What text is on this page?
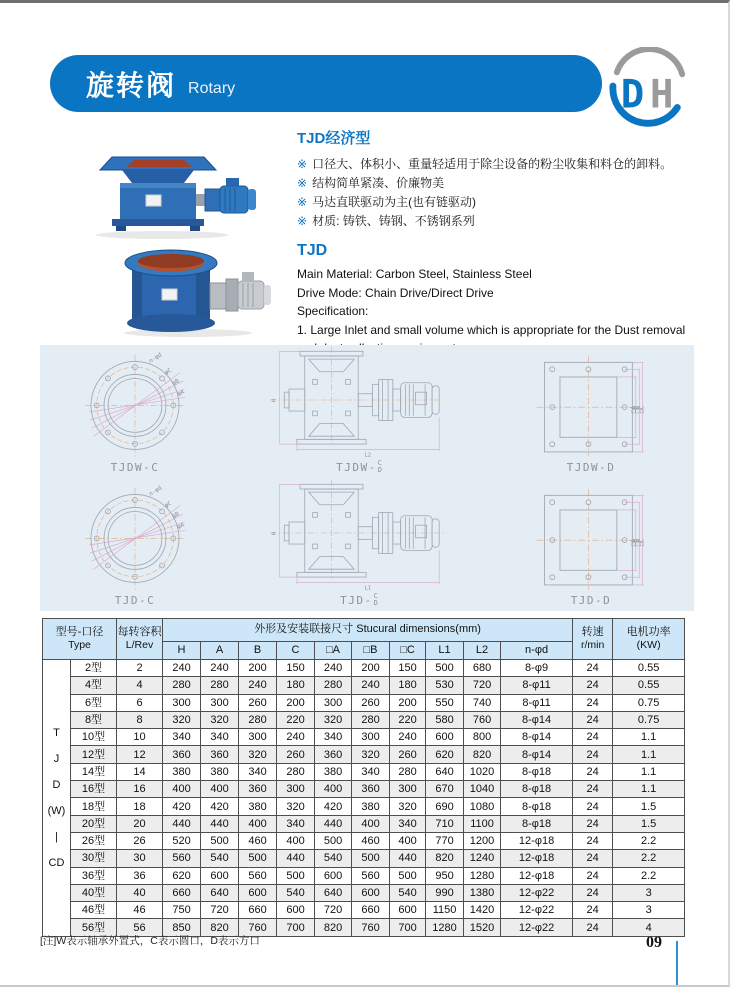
旋转阀 Rotary	D H

TJD经济型

※ 口径大、体积小、重量轻适用于除尘设备的粉尘收集和料仓的卸料。
※ 结构简单紧凑、价廉物美
※ 马达直联驱动为主(也有链驱动)
※ 材质: 铸铁、铸钢、不锈钢系列

TJD

Main Material: Carbon Steel, Stainless Steel
Drive Mode: Chain Drive/Direct Drive
Specification:
1. Large Inlet and small volume which is appropriate for the Dust removal
TJDW-C
L2
TJDW- C
D	TJDW-D
TJD-C
L1
TJD- C
D	TJD-D
型号-口径
Type

每转容积
L/Rev
	外形及安装联接尺寸 Stucural dimensions(mm)	转速
r/min

电机功率
(KW)

			H	A	B	C	□A	□B	□C	L1	L2	n-φd		

T
J
D
(W)
|
CD
	2型	2	240	240	200	150	240	200	150	500	680	8-φ9	24	0.55
	4型	4	280	280	240	180	280	240	180	530	720	8-φ11	24	0.55
	6型	6	300	300	260	200	300	260	200	550	740	8-φ11	24	0.75
	8型	8	320	320	280	220	320	280	220	580	760	8-φ14	24	0.75
	10型	10	340	340	300	240	340	300	240	600	800	8-φ14	24	1.1
	12型	12	360	360	320	260	360	320	260	620	820	8-φ14	24	1.1
	14型	14	380	380	340	280	380	340	280	640	1020	8-φ18	24	1.1
	16型	16	400	400	360	300	400	360	300	670	1040	8-φ18	24	1.1
	18型	18	420	420	380	320	420	380	320	690	1080	8-φ18	24	1.5
	20型	20	440	440	400	340	440	400	340	710	1100	8-φ18	24	1.5
	26型	26	520	500	460	400	500	460	400	770	1200	12-φ18	24	2.2
	30型	30	560	540	500	440	540	500	440	820	1240	12-φ18	24	2.2
	36型	36	620	600	560	500	600	560	500	950	1280	12-φ18	24	2.2
	40型	40	660	640	600	540	640	600	540	990	1380	12-φ22	24	3
	46型	46	750	720	660	600	720	660	600	1150	1420	12-φ22	24	3
	56型	56	850	820	760	700	820	760	700	1280	1520	12-φ22	24	4
[注]W表示轴承外置式，C表示圆口，D表示方口	09
